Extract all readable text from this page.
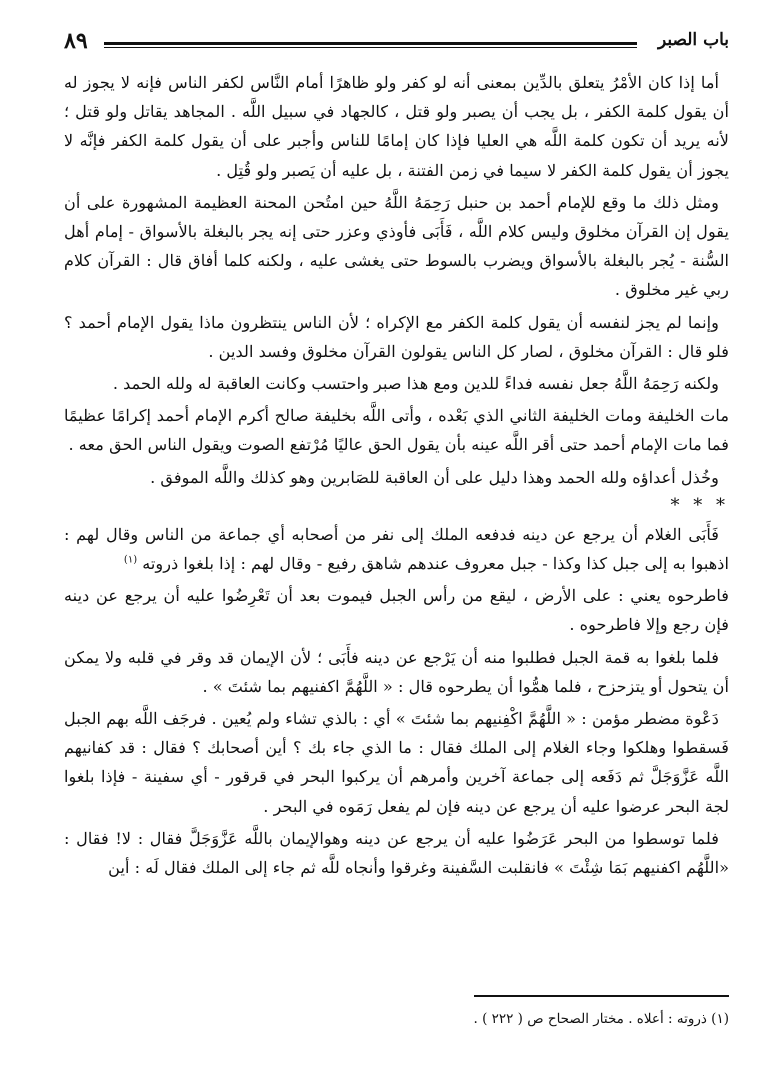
باب الصبر
٨٩

أما إذا كان الأمْرُ يتعلق بالدِّين بمعنى أنه لو كفر ولو ظاهرًا أمام النَّاس لكفر الناس فإنه لا يجوز له أن يقول كلمة الكفر ، بل يجب أن يصبر ولو قتل ، كالجهاد في سبيل اللَّه . المجاهد يقاتل ولو قتل ؛ لأنه يريد أن تكون كلمة اللَّه هي العليا فإذا كان إمامًا للناس وأجبر على أن يقول كلمة الكفر فإنَّه لا يجوز أن يقول كلمة الكفر لا سيما في زمن الفتنة ، بل عليه أن يَصبر ولو قُتِل .

ومثل ذلك ما وقع للإمام أحمد بن حنبل رَحِمَهُ اللَّهُ حين امتُحن المحنة العظيمة المشهورة على أن يقول إن القرآن مخلوق وليس كلام اللَّه ، فَأَبَى فأوذي وعزر حتى إنه يجر بالبغلة بالأسواق - إمام أهل السُّنة - يُجر بالبغلة بالأسواق ويضرب بالسوط حتى يغشى عليه ، ولكنه كلما أفاق قال : القرآن كلام ربي غير مخلوق .

وإنما لم يجز لنفسه أن يقول كلمة الكفر مع الإكراه ؛ لأن الناس ينتظرون ماذا يقول الإمام أحمد ؟ فلو قال : القرآن مخلوق ، لصار كل الناس يقولون القرآن مخلوق وفسد الدين .

ولكنه رَحِمَهُ اللَّهُ جعل نفسه فداءً للدين ومع هذا صبر واحتسب وكانت العاقبة له ولله الحمد .

مات الخليفة ومات الخليفة الثاني الذي بَعْده ، وأتى اللَّه بخليفة صالح أكرم الإمام أحمد إكرامًا عظيمًا فما مات الإمام أحمد حتى أقر اللَّه عينه بأن يقول الحق عاليًا مُرْتفع الصوت ويقول الناس الحق معه .

وخُذل أعداؤه ولله الحمد وهذا دليل على أن العاقبة للصَابرين وهو كذلك واللَّه الموفق .

* * *

فَأَبَى الغلام أن يرجع عن دينه فدفعه الملك إلى نفر من أصحابه أي جماعة من الناس وقال لهم : اذهبوا به إلى جبل كذا وكذا - جبل معروف عندهم شاهق رفيع - وقال لهم : إذا بلغوا ذروته $^{(١)}$

فاطرحوه يعني : على الأرض ، ليقع من رأس الجبل فيموت بعد أن تَعْرِضُوا عليه أن يرجع عن دينه فإن رجع وإلا فاطرحوه .

فلما بلغوا به قمة الجبل فطلبوا منه أن يَرْجع عن دينه فأَبَى ؛ لأن الإيمان قد وقر في قلبه ولا يمكن أن يتحول أو يتزحزح ، فلما همُّوا أن يطرحوه قال : « اللَّهُمَّ اكفنيهم بما شئتَ » .

دَعْوة مضطر مؤمن : « اللَّهُمَّ اكْفِنيهم بما شئتَ » أي : بالذي تشاء ولم يُعين . فرجَف اللَّه بهم الجبل فَسقطوا وهلكوا وجاء الغلام إلى الملك فقال : ما الذي جاء بك ؟ أين أصحابك ؟ فقال : قد كفانيهم اللَّه عَزَّوَجَلَّ ثم دَفَعه إلى جماعة آخرين وأمرهم أن يركبوا البحر في قرقور - أي سفينة - فإذا بلغوا لجة البحر عرضوا عليه أن يرجع عن دينه فإن لم يفعل رَمَوه في البحر .

فلما توسطوا من البحر عَرَضُوا عليه أن يرجع عن دينه وهوالإيمان باللَّه عَزَّوَجَلَّ فقال : لا! فقال : «اللَّهُم اكفنيهم بَمَا شِئْتَ » فانقلبت السَّفينة وغرقوا وأنجاه للَّه ثم جاء إلى الملك فقال لَه : أين

(١) ذروته : أعلاه . مختار الصحاح ص ( ٢٢٢ ) .
